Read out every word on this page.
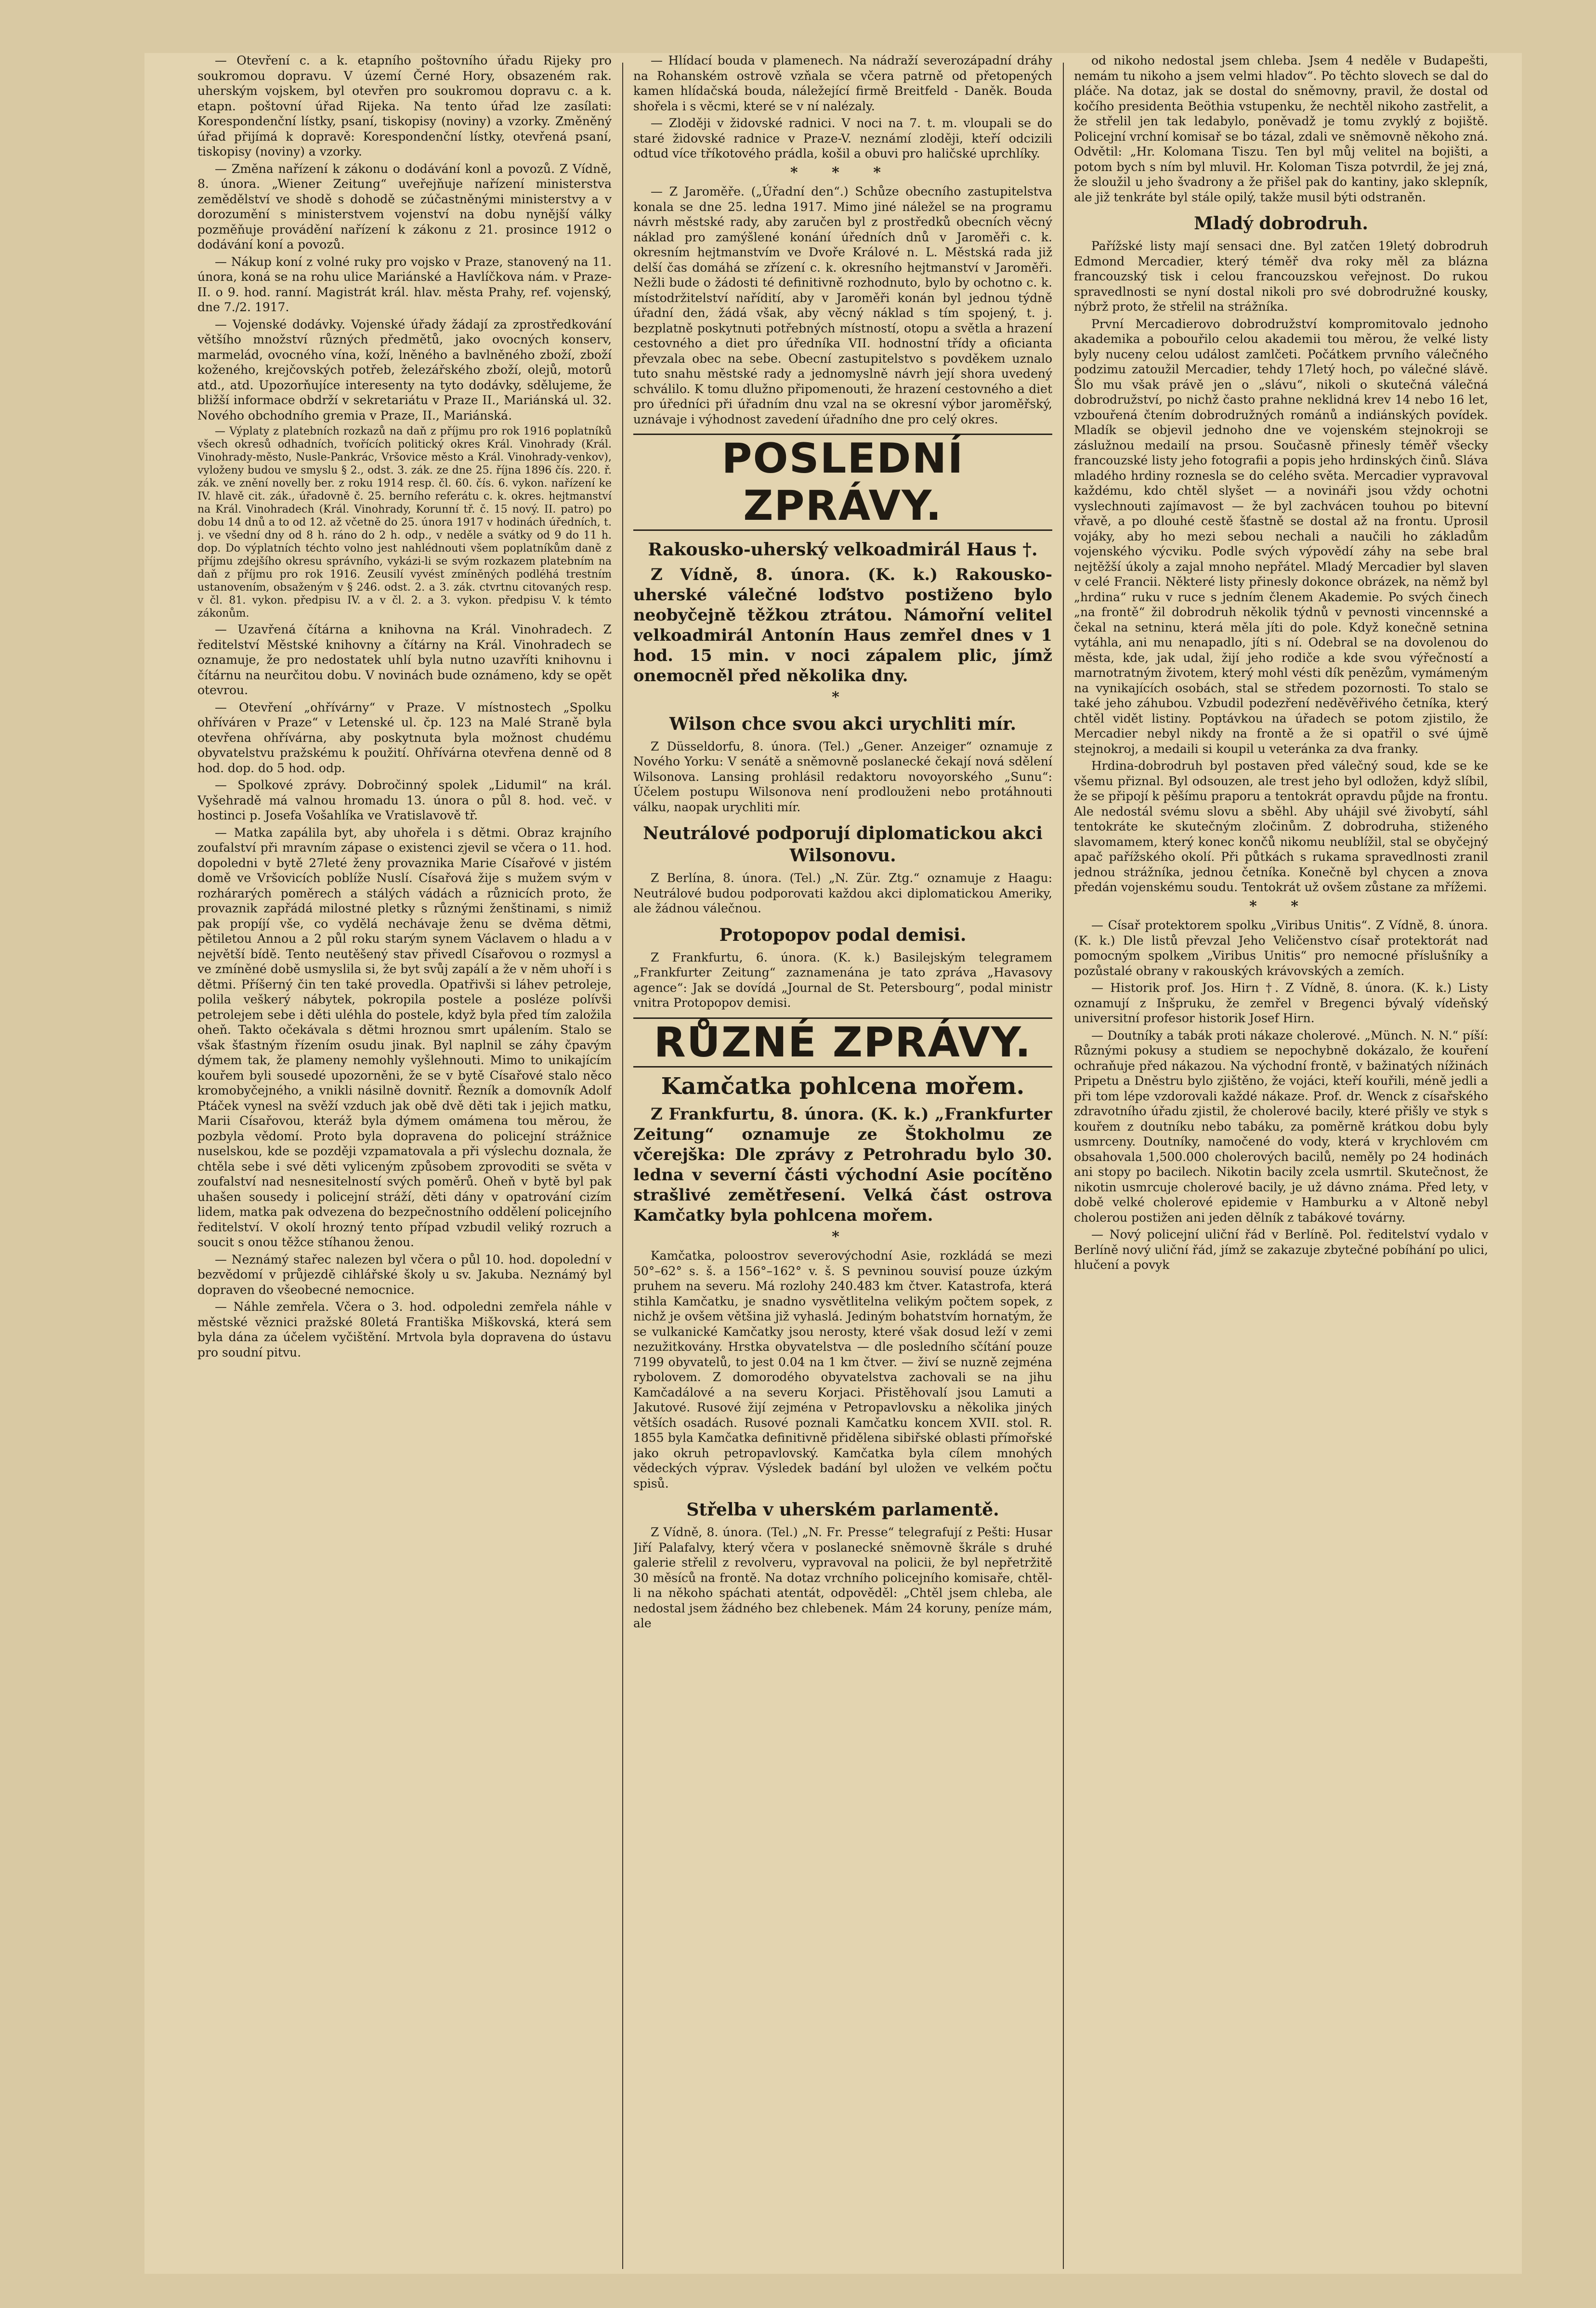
— Otevření c. a k. etapního poštovního úřadu Rijeky pro soukromou dopravu. V území Černé Hory, obsazeném rak. uherským vojskem, byl otevřen pro soukromou dopravu c. a k. etapn. poštovní úřad Rijeka. Na tento úřad lze zasílati: Korespondenční lístky, psaní, tiskopisy (noviny) a vzorky. Změněný úřad přijímá k dopravě: Korespondenční lístky, otevřená psaní, tiskopisy (noviny) a vzorky.

— Změna nařízení k zákonu o dodávání konl a povozů. Z Vídně, 8. února. „Wiener Zeitung“ uveřejňuje nařízení ministerstva zemědělství ve shodě s dohodě se zúčastněnými ministerstvy a v dorozumění s ministerstvem vojenství na dobu nynější války pozměňuje provádění nařízení k zákonu z 21. prosince 1912 o dodávání koní a povozů.

— Nákup koní z volné ruky pro vojsko v Praze, stanovený na 11. února, koná se na rohu ulice Mariánské a Havlíčkova nám. v Praze-II. o 9. hod. ranní. Magistrát král. hlav. města Prahy, ref. vojenský, dne 7./2. 1917.

— Vojenské dodávky. Vojenské úřady žádají za zprostředkování většího množství různých předmětů, jako ovocných konserv, marmelád, ovocného vína, koží, lněného a bavlněného zboží, zboží koženého, krejčovských potřeb, železářského zboží, olejů, motorů atd., atd. Upozorňujíce interesenty na tyto dodávky, sdělujeme, že bližší informace obdrží v sekretariátu v Praze II., Mariánská ul. 32. Nového obchodního gremia v Praze, II., Mariánská.

— Výplaty z platebních rozkazů na daň z příjmu pro rok 1916 poplatníků všech okresů odhadních, tvořících politický okres Král. Vinohrady (Král. Vinohrady-město, Nusle-Pankrác, Vršovice město a Král. Vinohrady-venkov), vyloženy budou ve smyslu § 2., odst. 3. zák. ze dne 25. října 1896 čís. 220. ř. zák. ve znění novelly ber. z roku 1914 resp. čl. 60. čís. 6. vykon. nařízení ke IV. hlavě cit. zák., úřadovně č. 25. berního referátu c. k. okres. hejtmanství na Král. Vinohradech (Král. Vinohrady, Korunní tř. č. 15 nový. II. patro) po dobu 14 dnů a to od 12. až včetně do 25. února 1917 v hodinách úředních, t. j. ve všední dny od 8 h. ráno do 2 h. odp., v neděle a svátky od 9 do 11 h. dop. Do výplatních téchto volno jest nahlédnouti všem poplatníkům daně z příjmu zdejšího okresu správního, vykázi-li se svým rozkazem platebním na daň z příjmu pro rok 1916. Zeusilí vyvést zmíněných podléhá trestním ustanovením, obsaženým v § 246. odst. 2. a 3. zák. ctvrtnu citovaných resp. v čl. 81. vykon. předpisu IV. a v čl. 2. a 3. vykon. předpisu V. k témto zákonům.

— Uzavřená čítárna a knihovna na Král. Vinohradech. Z ředitelství Městské knihovny a čítárny na Král. Vinohradech se oznamuje, že pro nedostatek uhlí byla nutno uzavříti knihovnu i čítárnu na neurčitou dobu. V novinách bude oznámeno, kdy se opět otevrou.

— Otevření „ohřívárny“ v Praze. V místnostech „Spolku ohříváren v Praze“ v Letenské ul. čp. 123 na Malé Straně byla otevřena ohřívárna, aby poskytnuta byla možnost chudému obyvatelstvu pražskému k použití. Ohřívárna otevřena denně od 8 hod. dop. do 5 hod. odp.

— Spolkové zprávy. Dobročinný spolek „Lidumil“ na král. Vyšehradě má valnou hromadu 13. února o půl 8. hod. več. v hostinci p. Josefa Vošahlíka ve Vratislavově tř.

— Matka zapálila byt, aby uhořela i s dětmi. Obraz krajního zoufalství při mravním zápase o existenci zjevil se včera o 11. hod. dopoledni v bytě 27leté ženy provaznika Marie Císařové v jistém domě ve Vršovicích poblíže Nuslí. Císařová žije s mužem svým v rozhárarých poměrech a stálých vádách a různicích proto, že provaznik zapřádá milostné pletky s různými ženštinami, s nimiž pak propíjí vše, co vydělá nechávaje ženu se dvěma dětmi, pětiletou Annou a 2 půl roku starým synem Václavem o hladu a v největší bídě. Tento neutěšený stav přivedl Císařovou o rozmysl a ve zmíněné době usmyslila si, že byt svůj zapálí a že v něm uhoří i s dětmi. Příšerný čin ten také provedla. Opatřivši si láhev petroleje, polila veškerý nábytek, pokropila postele a posléze polívši petrolejem sebe i děti uléhla do postele, když byla před tím založila oheň. Takto očekávala s dětmi hroznou smrt upálením. Stalo se však šťastným řízením osudu jinak. Byl naplnil se záhy čpavým dýmem tak, že plameny nemohly vyšlehnouti. Mimo to unikajícím kouřem byli sousedé upozorněni, že se v bytě Císařové stalo něco kromobyčejného, a vnikli násilně dovnitř. Řezník a domovník Adolf Ptáček vynesl na svěží vzduch jak obě dvě děti tak i jejich matku, Marii Císařovou, kteráž byla dýmem omámena tou měrou, že pozbyla vědomí. Proto byla dopravena do policejní strážnice nuselskou, kde se později vzpamatovala a při výslechu doznala, že chtěla sebe i své děti vyliceným způsobem zprovoditi se světa v zoufalství nad nesnesitelností svých poměrů. Oheň v bytě byl pak uhašen sousedy i policejní stráží, děti dány v opatrování cizím lidem, matka pak odvezena do bezpečnostního oddělení policejního ředitelství. V okolí hrozný tento případ vzbudil veliký rozruch a soucit s onou těžce stíhanou ženou.

— Neznámý stařec nalezen byl včera o půl 10. hod. dopolední v bezvědomí v průjezdě cihlářské školy u sv. Jakuba. Neznámý byl dopraven do všeobecné nemocnice.

— Náhle zemřela. Včera o 3. hod. odpoledni zemřela náhle v městské věznici pražské 80letá Františka Miškovská, která sem byla dána za účelem vyčištění. Mrtvola byla dopravena do ústavu pro soudní pitvu.

— Hlídací bouda v plamenech. Na nádraží severozápadní dráhy na Rohanském ostrově vzňala se včera patrně od přetopených kamen hlídačská bouda, náležející firmě Breitfeld - Daněk. Bouda shořela i s věcmi, které se v ní nalézaly.

— Zloději v židovské radnici. V noci na 7. t. m. vloupali se do staré židovské radnice v Praze-V. neznámí zloději, kteří odcizili odtud více tříkotového prádla, košil a obuvi pro haličské uprchlíky.

* * *

— Z Jaroměře. („Úřadní den“.) Schůze obecního zastupitelstva konala se dne 25. ledna 1917. Mimo jiné náležel se na programu návrh městské rady, aby zaručen byl z prostředků obecních věcný náklad pro zamýšlené konání úředních dnů v Jaroměři c. k. okresním hejtmanstvím ve Dvoře Králové n. L. Městská rada již delší čas domáhá se zřízení c. k. okresního hejtmanství v Jaroměři. Nežli bude o žádosti té definitivně rozhodnuto, bylo by ochotno c. k. místodržitelství nařídití, aby v Jaroměři konán byl jednou týdně úřadní den, žádá však, aby věcný náklad s tím spojený, t. j. bezplatně poskytnuti potřebných místností, otopu a světla a hrazení cestovného a diet pro úředníka VII. hodnostní třídy a oficianta převzala obec na sebe. Obecní zastupitelstvo s povděkem uznalo tuto snahu městské rady a jednomyslně návrh její shora uvedený schválilo. K tomu dlužno připomenouti, že hrazení cestovného a diet pro úředníci při úřadním dnu vzal na se okresní výbor jaroměřský, uznávaje i výhodnost zavedení úřadního dne pro celý okres.

POSLEDNÍ ZPRÁVY.
Rakousko-uherský velkoadmirál Haus †.

Z Vídně, 8. února. (K. k.) Rakousko-uherské válečné loďstvo postiženo bylo neobyčejně těžkou ztrátou. Námořní velitel velkoadmirál Antonín Haus zemřel dnes v 1 hod. 15 min. v noci zápalem plic, jímž onemocněl před několika dny.

*
Wilson chce svou akci urychliti mír.

Z Düsseldorfu, 8. února. (Tel.) „Gener. Anzeiger“ oznamuje z Nového Yorku: V senátě a sněmovně poslanecké čekají nová sdělení Wilsonova. Lansing prohlásil redaktoru novoyorského „Sunu“: Účelem postupu Wilsonova není prodlouženi nebo protáhnouti válku, naopak urychliti mír.

Neutrálové podporují diplomatickou akci Wilsonovu.

Z Berlína, 8. února. (Tel.) „N. Zür. Ztg.“ oznamuje z Haagu: Neutrálové budou podporovati každou akci diplomatickou Ameriky, ale žádnou válečnou.

Protopopov podal demisi.

Z Frankfurtu, 6. února. (K. k.) Basilejským telegramem „Frankfurter Zeitung“ zaznamenána je tato zpráva „Havasovy agence“: Jak se dovídá „Journal de St. Petersbourg“, podal ministr vnitra Protopopov demisi.

RŮZNÉ ZPRÁVY.
Kamčatka pohlcena mořem.

Z Frankfurtu, 8. února. (K. k.) „Frankfurter Zeitung“ oznamuje ze Štokholmu ze včerejška: Dle zprávy z Petrohradu bylo 30. ledna v severní části východní Asie pocítěno strašlivé zemětřesení. Velká část ostrova Kamčatky byla pohlcena mořem.

*

Kamčatka, poloostrov severovýchodní Asie, rozkládá se mezi 50°–62° s. š. a 156°–162° v. š. S pevninou souvisí pouze úzkým pruhem na severu. Má rozlohy 240.483 km čtver. Katastrofa, která stihla Kamčatku, je snadno vysvětlitelna velikým počtem sopek, z nichž je ovšem většina již vyhaslá. Jediným bohatstvím hornatým, že se vulkanické Kamčatky jsou nerosty, které však dosud leží v zemi nezužitkovány. Hrstka obyvatelstva — dle posledního sčítání pouze 7199 obyvatelů, to jest 0.04 na 1 km čtver. — živí se nuzně zejména rybolovem. Z domorodého obyvatelstva zachovali se na jihu Kamčadálové a na severu Korjaci. Přistěhovalí jsou Lamuti a Jakutové. Rusové žijí zejména v Petropavlovsku a několika jiných větších osadách. Rusové poznali Kamčatku koncem XVII. stol. R. 1855 byla Kamčatka definitivně přidělena sibiřské oblasti přímořské jako okruh petropavlovský. Kamčatka byla cílem mnohých vědeckých výprav. Výsledek badání byl uložen ve velkém počtu spisů.

Střelba v uherském parlamentě.

Z Vídně, 8. února. (Tel.) „N. Fr. Presse“ telegrafují z Pešti: Husar Jiří Palafalvy, který včera v poslanecké sněmovně škrále s druhé galerie střelil z revolveru, vypravoval na policii, že byl nepřetržitě 30 měsíců na frontě. Na dotaz vrchního policejního komisaře, chtěl-li na někoho spáchati atentát, odpověděl: „Chtěl jsem chleba, ale nedostal jsem žádného bez chlebenek. Mám 24 koruny, peníze mám, ale

od nikoho nedostal jsem chleba. Jsem 4 neděle v Budapešti, nemám tu nikoho a jsem velmi hladov“. Po těchto slovech se dal do pláče. Na dotaz, jak se dostal do sněmovny, pravil, že dostal od kočího presidenta Beöthia vstupenku, že nechtěl nikoho zastřelit, a že střelil jen tak ledabylo, poněvadž je tomu zvyklý z bojiště. Policejní vrchní komisař se bo tázal, zdali ve sněmovně někoho zná. Odvětil: „Hr. Kolomana Tiszu. Ten byl můj velitel na bojišti, a potom bych s ním byl mluvil. Hr. Koloman Tisza potvrdil, že jej zná, že sloužil u jeho švadrony a že přišel pak do kantiny, jako sklepník, ale již tenkráte byl stále opilý, takže musil býti odstraněn.

Mladý dobrodruh.

Pařížské listy mají sensaci dne. Byl zatčen 19letý dobrodruh Edmond Mercadier, který téměř dva roky měl za blázna francouzský tisk i celou francouzskou veřejnost. Do rukou spravedlnosti se nyní dostal nikoli pro své dobrodružné kousky, nýbrž proto, že střelil na strážníka.

První Mercadierovo dobrodružství kompromitovalo jednoho akademika a pobouřilo celou akademii tou měrou, že velké listy byly nuceny celou událost zamlčeti. Počátkem prvního válečného podzimu zatoužil Mercadier, tehdy 17letý hoch, po válečné slávě. Šlo mu však právě jen o „slávu“, nikoli o skutečná válečná dobrodružství, po nichž často prahne neklidná krev 14 nebo 16 let, vzbouřená čtením dobrodružných románů a indiánských povídek. Mladík se objevil jednoho dne ve vojenském stejnokroji se záslužnou medailí na prsou. Současně přinesly téměř všecky francouzské listy jeho fotografii a popis jeho hrdinských činů. Sláva mladého hrdiny roznesla se do celého světa. Mercadier vypravoval každému, kdo chtěl slyšet — a novináři jsou vždy ochotni vyslechnouti zajímavost — že byl zachvácen touhou po bitevní vřavě, a po dlouhé cestě šťastně se dostal až na frontu. Uprosil vojáky, aby ho mezi sebou nechali a naučili ho základům vojenského výcviku. Podle svých výpovědí záhy na sebe bral nejtěžší úkoly a zajal mnoho nepřátel. Mladý Mercadier byl slaven v celé Francii. Některé listy přinesly dokonce obrázek, na němž byl „hrdina“ ruku v ruce s jedním členem Akademie. Po svých činech „na frontě“ žil dobrodruh několik týdnů v pevnosti vincennské a čekal na setninu, která měla jíti do pole. Když konečně setnina vytáhla, ani mu nenapadlo, jíti s ní. Odebral se na dovolenou do města, kde, jak udal, žijí jeho rodiče a kde svou výřečností a marnotratným životem, který mohl vésti dík penězům, vymámeným na vynikajících osobách, stal se středem pozornosti. To stalo se také jeho záhubou. Vzbudil podezření neděvěřivého četníka, který chtěl vidět listiny. Poptávkou na úřadech se potom zjistilo, že Mercadier nebyl nikdy na frontě a že si opatřil o své újmě stejnokroj, a medaili si koupil u veteránka za dva franky.

Hrdina-dobrodruh byl postaven před válečný soud, kde se ke všemu přiznal. Byl odsouzen, ale trest jeho byl odložen, když slíbil, že se připojí k pěšímu praporu a tentokrát opravdu půjde na frontu. Ale nedostál svému slovu a sběhl. Aby uhájil své živobytí, sáhl tentokráte ke skutečným zločinům. Z dobrodruha, stiženého slavomamem, který konec končů nikomu neublížil, stal se obyčejný apač pařížského okolí. Při půtkách s rukama spravedlnosti zranil jednou strážníka, jednou četníka. Konečně byl chycen a znova předán vojenskému soudu. Tentokrát už ovšem zůstane za mřížemi.

* *

— Císař protektorem spolku „Viribus Unitis“. Z Vídně, 8. února. (K. k.) Dle listů převzal Jeho Veličenstvo císař protektorát nad pomocným spolkem „Viribus Unitis“ pro nemocné příslušníky a pozůstalé obrany v rakouských krávovských a zemích.

— Historik prof. Jos. Hirn †. Z Vídně, 8. února. (K. k.) Listy oznamují z Inšpruku, že zemřel v Bregenci bývalý vídeňský universitní profesor historik Josef Hirn.

— Doutníky a tabák proti nákaze cholerové. „Münch. N. N.“ píší: Různými pokusy a studiem se nepochybně dokázalo, že kouření ochraňuje před nákazou. Na východní frontě, v bažinatých nížinách Pripetu a Dněstru bylo zjištěno, že vojáci, kteří kouřili, méně jedli a při tom lépe vzdorovali každé nákaze. Prof. dr. Wenck z císařského zdravotního úřadu zjistil, že cholerové bacily, které přišly ve styk s kouřem z doutníku nebo tabáku, za poměrně krátkou dobu byly usmrceny. Doutníky, namočené do vody, která v krychlovém cm obsahovala 1,500.000 cholerových bacilů, neměly po 24 hodinách ani stopy po bacilech. Nikotin bacily zcela usmrtil. Skutečnost, že nikotin usmrcuje cholerové bacily, je už dávno známa. Před lety, v době velké cholerové epidemie v Hamburku a v Altoně nebyl cholerou postižen ani jeden dělník z tabákové továrny.

— Nový policejní uliční řád v Berlíně. Pol. ředitelství vydalo v Berlíně nový uliční řád, jímž se zakazuje zbytečné pobíhání po ulici, hlučení a povyk
